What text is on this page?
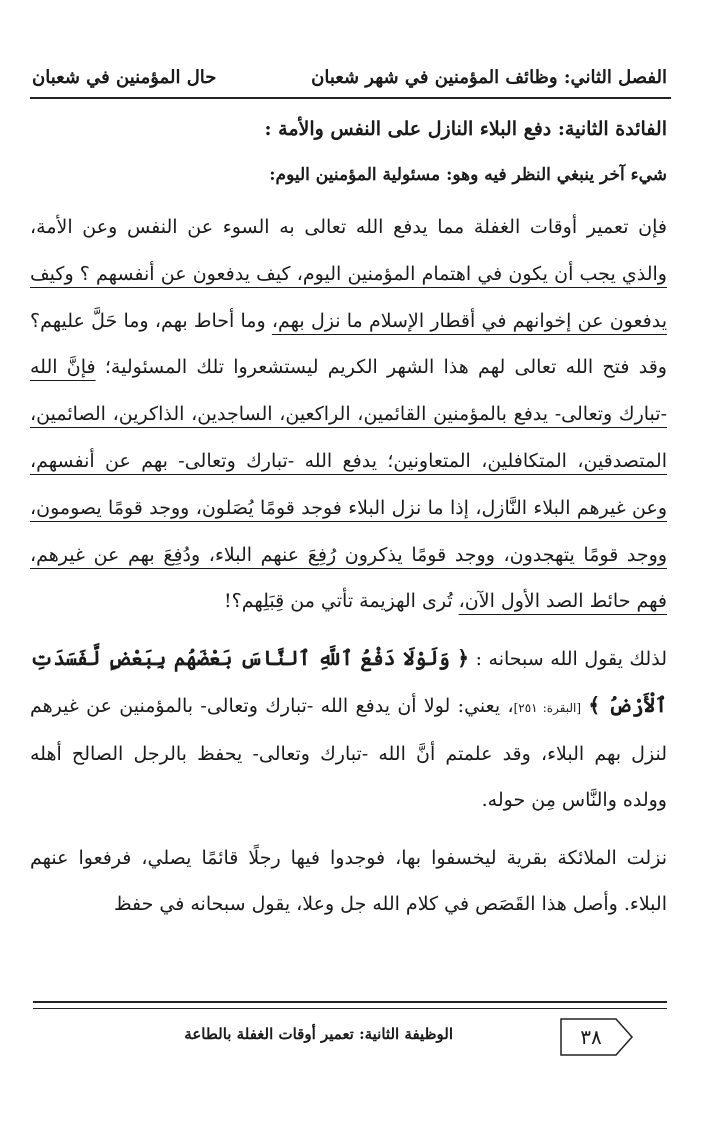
الفصل الثاني: وظائف المؤمنين في شهر شعبان
حال المؤمنين في شعبان
الفائدة الثانية: دفع البلاء النازل على النفس والأمة :
شيء آخر ينبغي النظر فيه وهو: مسئولية المؤمنين اليوم:

فإن تعمير أوقات الغفلة مما يدفع الله تعالى به السوء عن النفس وعن الأمة، والذي يجب أن يكون في اهتمام المؤمنين اليوم، كيف يدفعون عن أنفسهم ؟ وكيف يدفعون عن إخوانهم في أقطار الإسلام ما نزل بهم، وما أحاط بهم، وما حَلَّ عليهم؟ وقد فتح الله تعالى لهم هذا الشهر الكريم ليستشعروا تلك المسئولية؛ فإنَّ الله -تبارك وتعالى- يدفع بالمؤمنين القائمين، الراكعين، الساجدين، الذاكرين، الصائمين، المتصدقين، المتكافلين، المتعاونين؛ يدفع الله -تبارك وتعالى- بهم عن أنفسهم، وعن غيرهم البلاء النَّازل، إذا ما نزل البلاء فوجد قومًا يُصَلون، ووجد قومًا يصومون، ووجد قومًا يتهجدون، ووجد قومًا يذكرون رُفِعَ عنهم البلاء، ودُفِعَ بهم عن غيرهم، فهم حائط الصد الأول الآن، تُرى الهزيمة تأتي من قِبَلِهم؟!

لذلك يقول الله سبحانه : ﴿ وَلَوْلَا دَفْعُ ٱللَّهِ ٱلنَّاسَ بَعْضَهُم بِبَعْضٍ لَّفَسَدَتِ ٱلْأَرْضُ ﴾ [البقرة: ٢٥١]، يعني: لولا أن يدفع الله -تبارك وتعالى- بالمؤمنين عن غيرهم لنزل بهم البلاء، وقد علمتم أنَّ الله -تبارك وتعالى- يحفظ بالرجل الصالح أهله وولده والنَّاس مِن حوله.

نزلت الملائكة بقرية ليخسفوا بها، فوجدوا فيها رجلًا قائمًا يصلي، فرفعوا عنهم البلاء. وأصل هذا القَصَص في كلام الله جل وعلا، يقول سبحانه في حفظ

٣٨
الوظيفة الثانية: تعمير أوقات الغفلة بالطاعة
